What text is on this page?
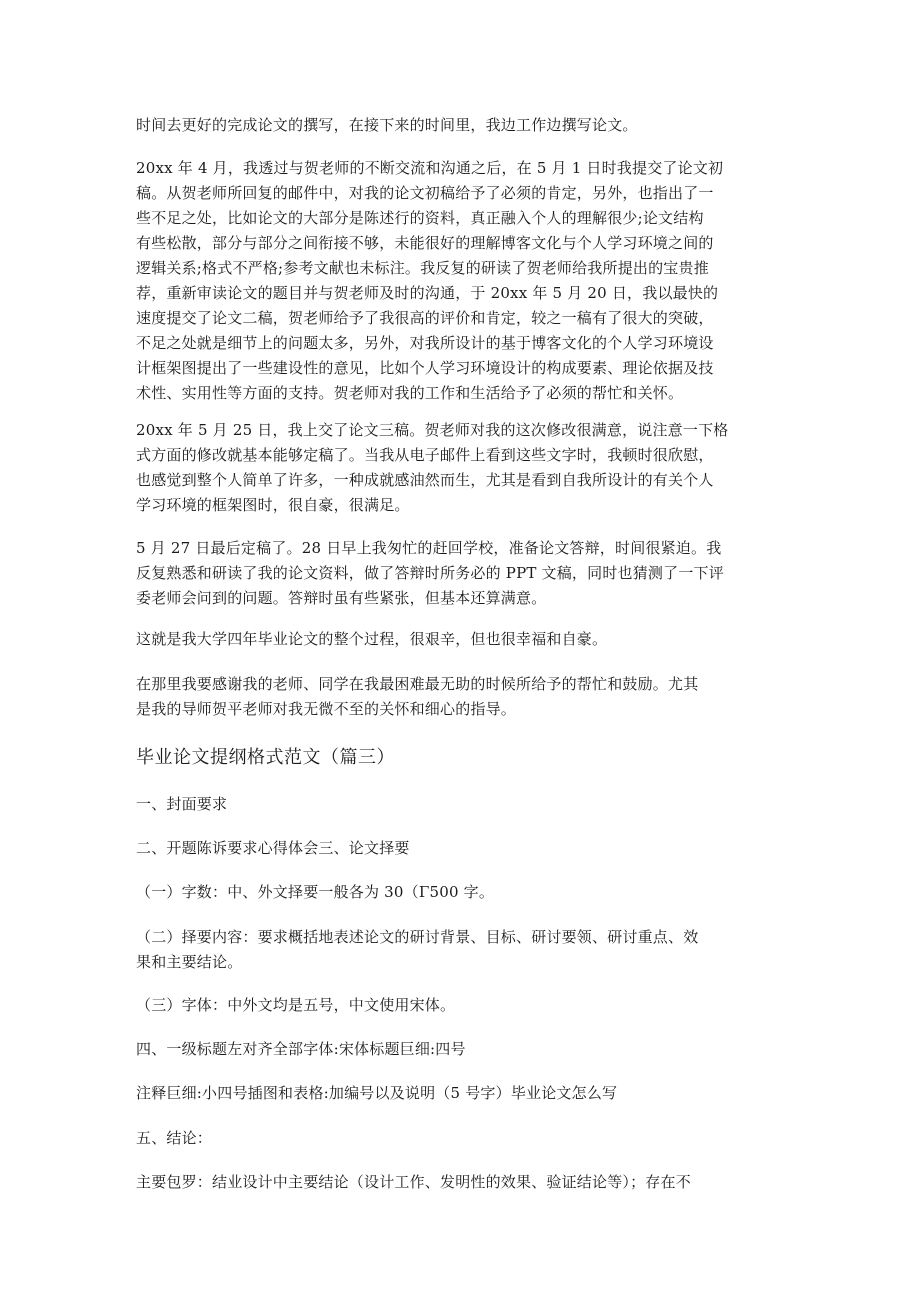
时间去更好的完成论文的撰写，在接下来的时间里，我边工作边撰写论文。

20xx 年 4 月，我透过与贺老师的不断交流和沟通之后，在 5 月 1 日时我提交了论文初
稿。从贺老师所回复的邮件中，对我的论文初稿给予了必须的肯定，另外，也指出了一
些不足之处，比如论文的大部分是陈述行的资料，真正融入个人的理解很少;论文结构
有些松散，部分与部分之间衔接不够，未能很好的理解博客文化与个人学习环境之间的
逻辑关系;格式不严格;参考文献也未标注。我反复的研读了贺老师给我所提出的宝贵推
荐，重新审读论文的题目并与贺老师及时的沟通，于 20xx 年 5 月 20 日，我以最快的
速度提交了论文二稿，贺老师给予了我很高的评价和肯定，较之一稿有了很大的突破，
不足之处就是细节上的问题太多，另外，对我所设计的基于博客文化的个人学习环境设
计框架图提出了一些建设性的意见，比如个人学习环境设计的构成要素、理论依据及技
术性、实用性等方面的支持。贺老师对我的工作和生活给予了必须的帮忙和关怀。

20xx 年 5 月 25 日，我上交了论文三稿。贺老师对我的这次修改很满意，说注意一下格
式方面的修改就基本能够定稿了。当我从电子邮件上看到这些文字时，我顿时很欣慰，
也感觉到整个人简单了许多，一种成就感油然而生，尤其是看到自我所设计的有关个人
学习环境的框架图时，很自豪，很满足。

5 月 27 日最后定稿了。28 日早上我匆忙的赶回学校，准备论文答辩，时间很紧迫。我
反复熟悉和研读了我的论文资料，做了答辩时所务必的 PPT 文稿，同时也猜测了一下评
委老师会问到的问题。答辩时虽有些紧张，但基本还算满意。

这就是我大学四年毕业论文的整个过程，很艰辛，但也很幸福和自豪。

在那里我要感谢我的老师、同学在我最困难最无助的时候所给予的帮忙和鼓励。尤其
是我的导师贺平老师对我无微不至的关怀和细心的指导。

毕业论文提纲格式范文（篇三）

一、封面要求

二、开题陈诉要求心得体会三、论文择要

（一）字数：中、外文择要一般各为 30（Γ500 字。

（二）择要内容：要求概括地表述论文的研讨背景、目标、研讨要领、研讨重点、效
果和主要结论。

（三）字体：中外文均是五号，中文使用宋体。

四、一级标题左对齐全部字体:宋体标题巨细:四号

注释巨细:小四号插图和表格:加编号以及说明（5 号字）毕业论文怎么写

五、结论：

主要包罗：结业设计中主要结论（设计工作、发明性的效果、验证结论等）；存在不
